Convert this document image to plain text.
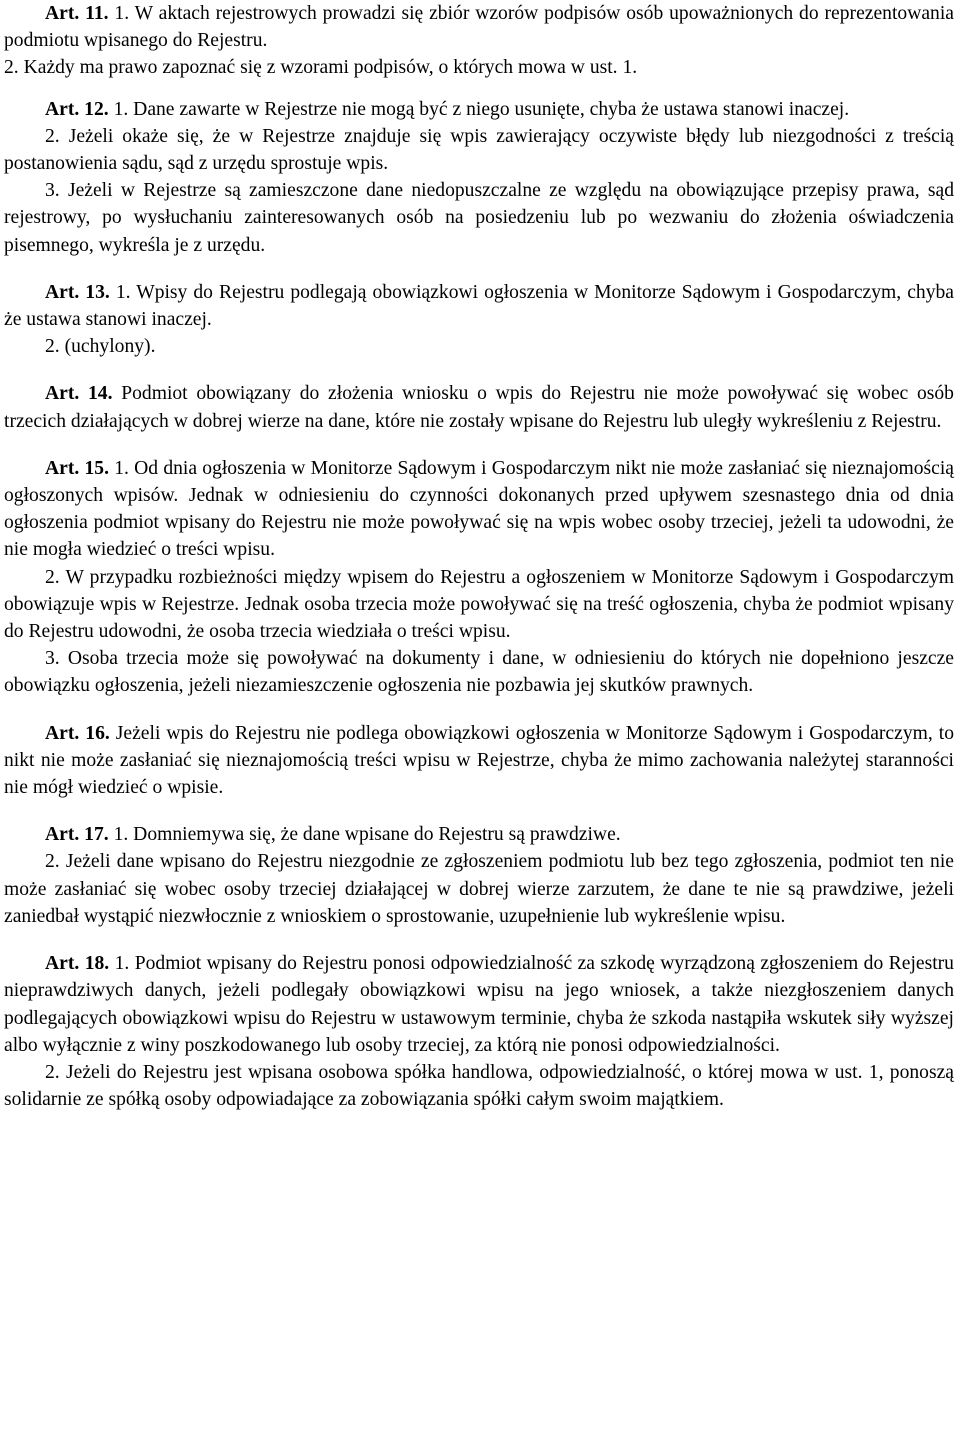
Art. 11. 1. W aktach rejestrowych prowadzi się zbiór wzorów podpisów osób upoważnionych do reprezentowania podmiotu wpisanego do Rejestru.

2. Każdy ma prawo zapoznać się z wzorami podpisów, o których mowa w ust. 1.

Art. 12. 1. Dane zawarte w Rejestrze nie mogą być z niego usunięte, chyba że ustawa stanowi inaczej.

2. Jeżeli okaże się, że w Rejestrze znajduje się wpis zawierający oczywiste błędy lub niezgodności z treścią postanowienia sądu, sąd z urzędu sprostuje wpis.

3. Jeżeli w Rejestrze są zamieszczone dane niedopuszczalne ze względu na obowiązujące przepisy prawa, sąd rejestrowy, po wysłuchaniu zainteresowanych osób na posiedzeniu lub po wezwaniu do złożenia oświadczenia pisemnego, wykreśla je z urzędu.

Art. 13. 1. Wpisy do Rejestru podlegają obowiązkowi ogłoszenia w Monitorze Sądowym i Gospodarczym, chyba że ustawa stanowi inaczej.

2. (uchylony).

Art. 14. Podmiot obowiązany do złożenia wniosku o wpis do Rejestru nie może powoływać się wobec osób trzecich działających w dobrej wierze na dane, które nie zostały wpisane do Rejestru lub uległy wykreśleniu z Rejestru.

Art. 15. 1. Od dnia ogłoszenia w Monitorze Sądowym i Gospodarczym nikt nie może zasłaniać się nieznajomością ogłoszonych wpisów. Jednak w odniesieniu do czynności dokonanych przed upływem szesnastego dnia od dnia ogłoszenia podmiot wpisany do Rejestru nie może powoływać się na wpis wobec osoby trzeciej, jeżeli ta udowodni, że nie mogła wiedzieć o treści wpisu.

2. W przypadku rozbieżności między wpisem do Rejestru a ogłoszeniem w Monitorze Sądowym i Gospodarczym obowiązuje wpis w Rejestrze. Jednak osoba trzecia może powoływać się na treść ogłoszenia, chyba że podmiot wpisany do Rejestru udowodni, że osoba trzecia wiedziała o treści wpisu.

3. Osoba trzecia może się powoływać na dokumenty i dane, w odniesieniu do których nie dopełniono jeszcze obowiązku ogłoszenia, jeżeli niezamieszczenie ogłoszenia nie pozbawia jej skutków prawnych.

Art. 16. Jeżeli wpis do Rejestru nie podlega obowiązkowi ogłoszenia w Monitorze Sądowym i Gospodarczym, to nikt nie może zasłaniać się nieznajomością treści wpisu w Rejestrze, chyba że mimo zachowania należytej staranności nie mógł wiedzieć o wpisie.

Art. 17. 1. Domniemywa się, że dane wpisane do Rejestru są prawdziwe.

2. Jeżeli dane wpisano do Rejestru niezgodnie ze zgłoszeniem podmiotu lub bez tego zgłoszenia, podmiot ten nie może zasłaniać się wobec osoby trzeciej działającej w dobrej wierze zarzutem, że dane te nie są prawdziwe, jeżeli zaniedbał wystąpić niezwłocznie z wnioskiem o sprostowanie, uzupełnienie lub wykreślenie wpisu.

Art. 18. 1. Podmiot wpisany do Rejestru ponosi odpowiedzialność za szkodę wyrządzoną zgłoszeniem do Rejestru nieprawdziwych danych, jeżeli podlegały obowiązkowi wpisu na jego wniosek, a także niezgłoszeniem danych podlegających obowiązkowi wpisu do Rejestru w ustawowym terminie, chyba że szkoda nastąpiła wskutek siły wyższej albo wyłącznie z winy poszkodowanego lub osoby trzeciej, za którą nie ponosi odpowiedzialności.

2. Jeżeli do Rejestru jest wpisana osobowa spółka handlowa, odpowiedzialność, o której mowa w ust. 1, ponoszą solidarnie ze spółką osoby odpowiadające za zobowiązania spółki całym swoim majątkiem.
